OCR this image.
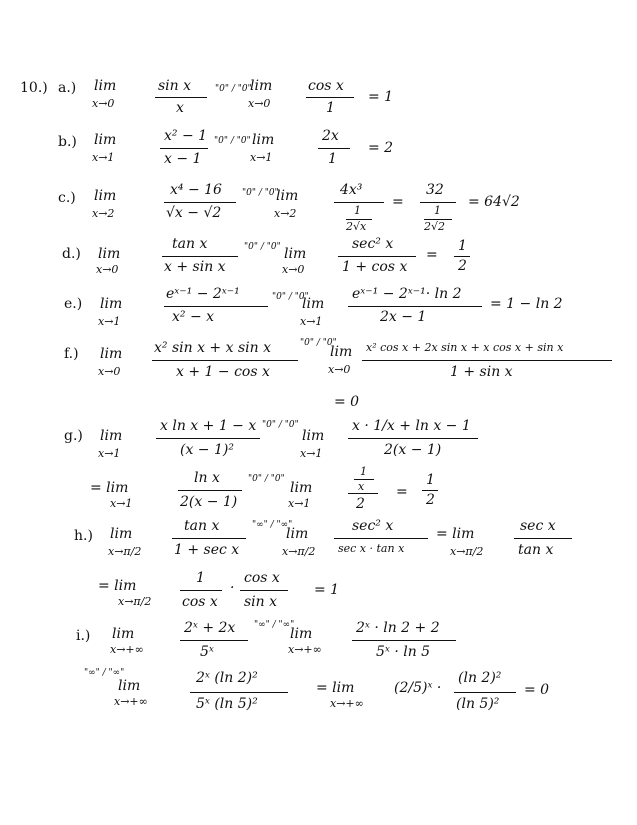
10.) a.) lim
x→0
sin x
x
"0" / "0"
lim
x→0
cos x
1
= 1
b.) lim
x→1
x² − 1
x − 1
"0" / "0" lim
x→1
2x
1
= 2
c.) lim
x→2
x⁴ − 16
√x − √2
"0" / "0"
lim
x→2
4x³
1
2√x
=
32
1
2√2
= 64√2
d.) lim
x→0
tan x
x + sin x
"0" / "0" lim
x→0
sec² x
1 + cos x
=
1
2
e.) lim
x→1
eˣ⁻¹ − 2ˣ⁻¹
x² − x
"0" / "0"
lim
x→1
eˣ⁻¹ − 2ˣ⁻¹· ln 2
2x − 1
= 1 − ln 2
f.) lim
x→0
x² sin x + x sin x
x + 1 − cos x
"0" / "0"
lim
x→0
x² cos x + 2x sin x + x cos x + sin x
1 + sin x
= 0
g.) lim
x→1
x ln x + 1 − x
(x − 1)²
"0" / "0"
lim
x→1
x · 1/x + ln x − 1
2(x − 1)
= lim
x→1
ln x
2(x − 1)
"0" / "0"
lim
x→1
1
x
2
=
1
2
h.) lim
x→π/2
tan x
1 + sec x
"∞" / "∞"
lim
x→π/2
sec² x
sec x · tan x
= lim
x→π/2
sec x
tan x
= lim
x→π/2
1
cos x
·
cos x
sin x
= 1
i.) lim
x→+∞
2ˣ + 2x
5ˣ
"∞" / "∞"
lim
x→+∞
2ˣ · ln 2 + 2
5ˣ · ln 5
"∞" / "∞"
lim
x→+∞
2ˣ (ln 2)²
5ˣ (ln 5)²
= lim
x→+∞
(2/5)ˣ ·
(ln 2)²
(ln 5)²
= 0
